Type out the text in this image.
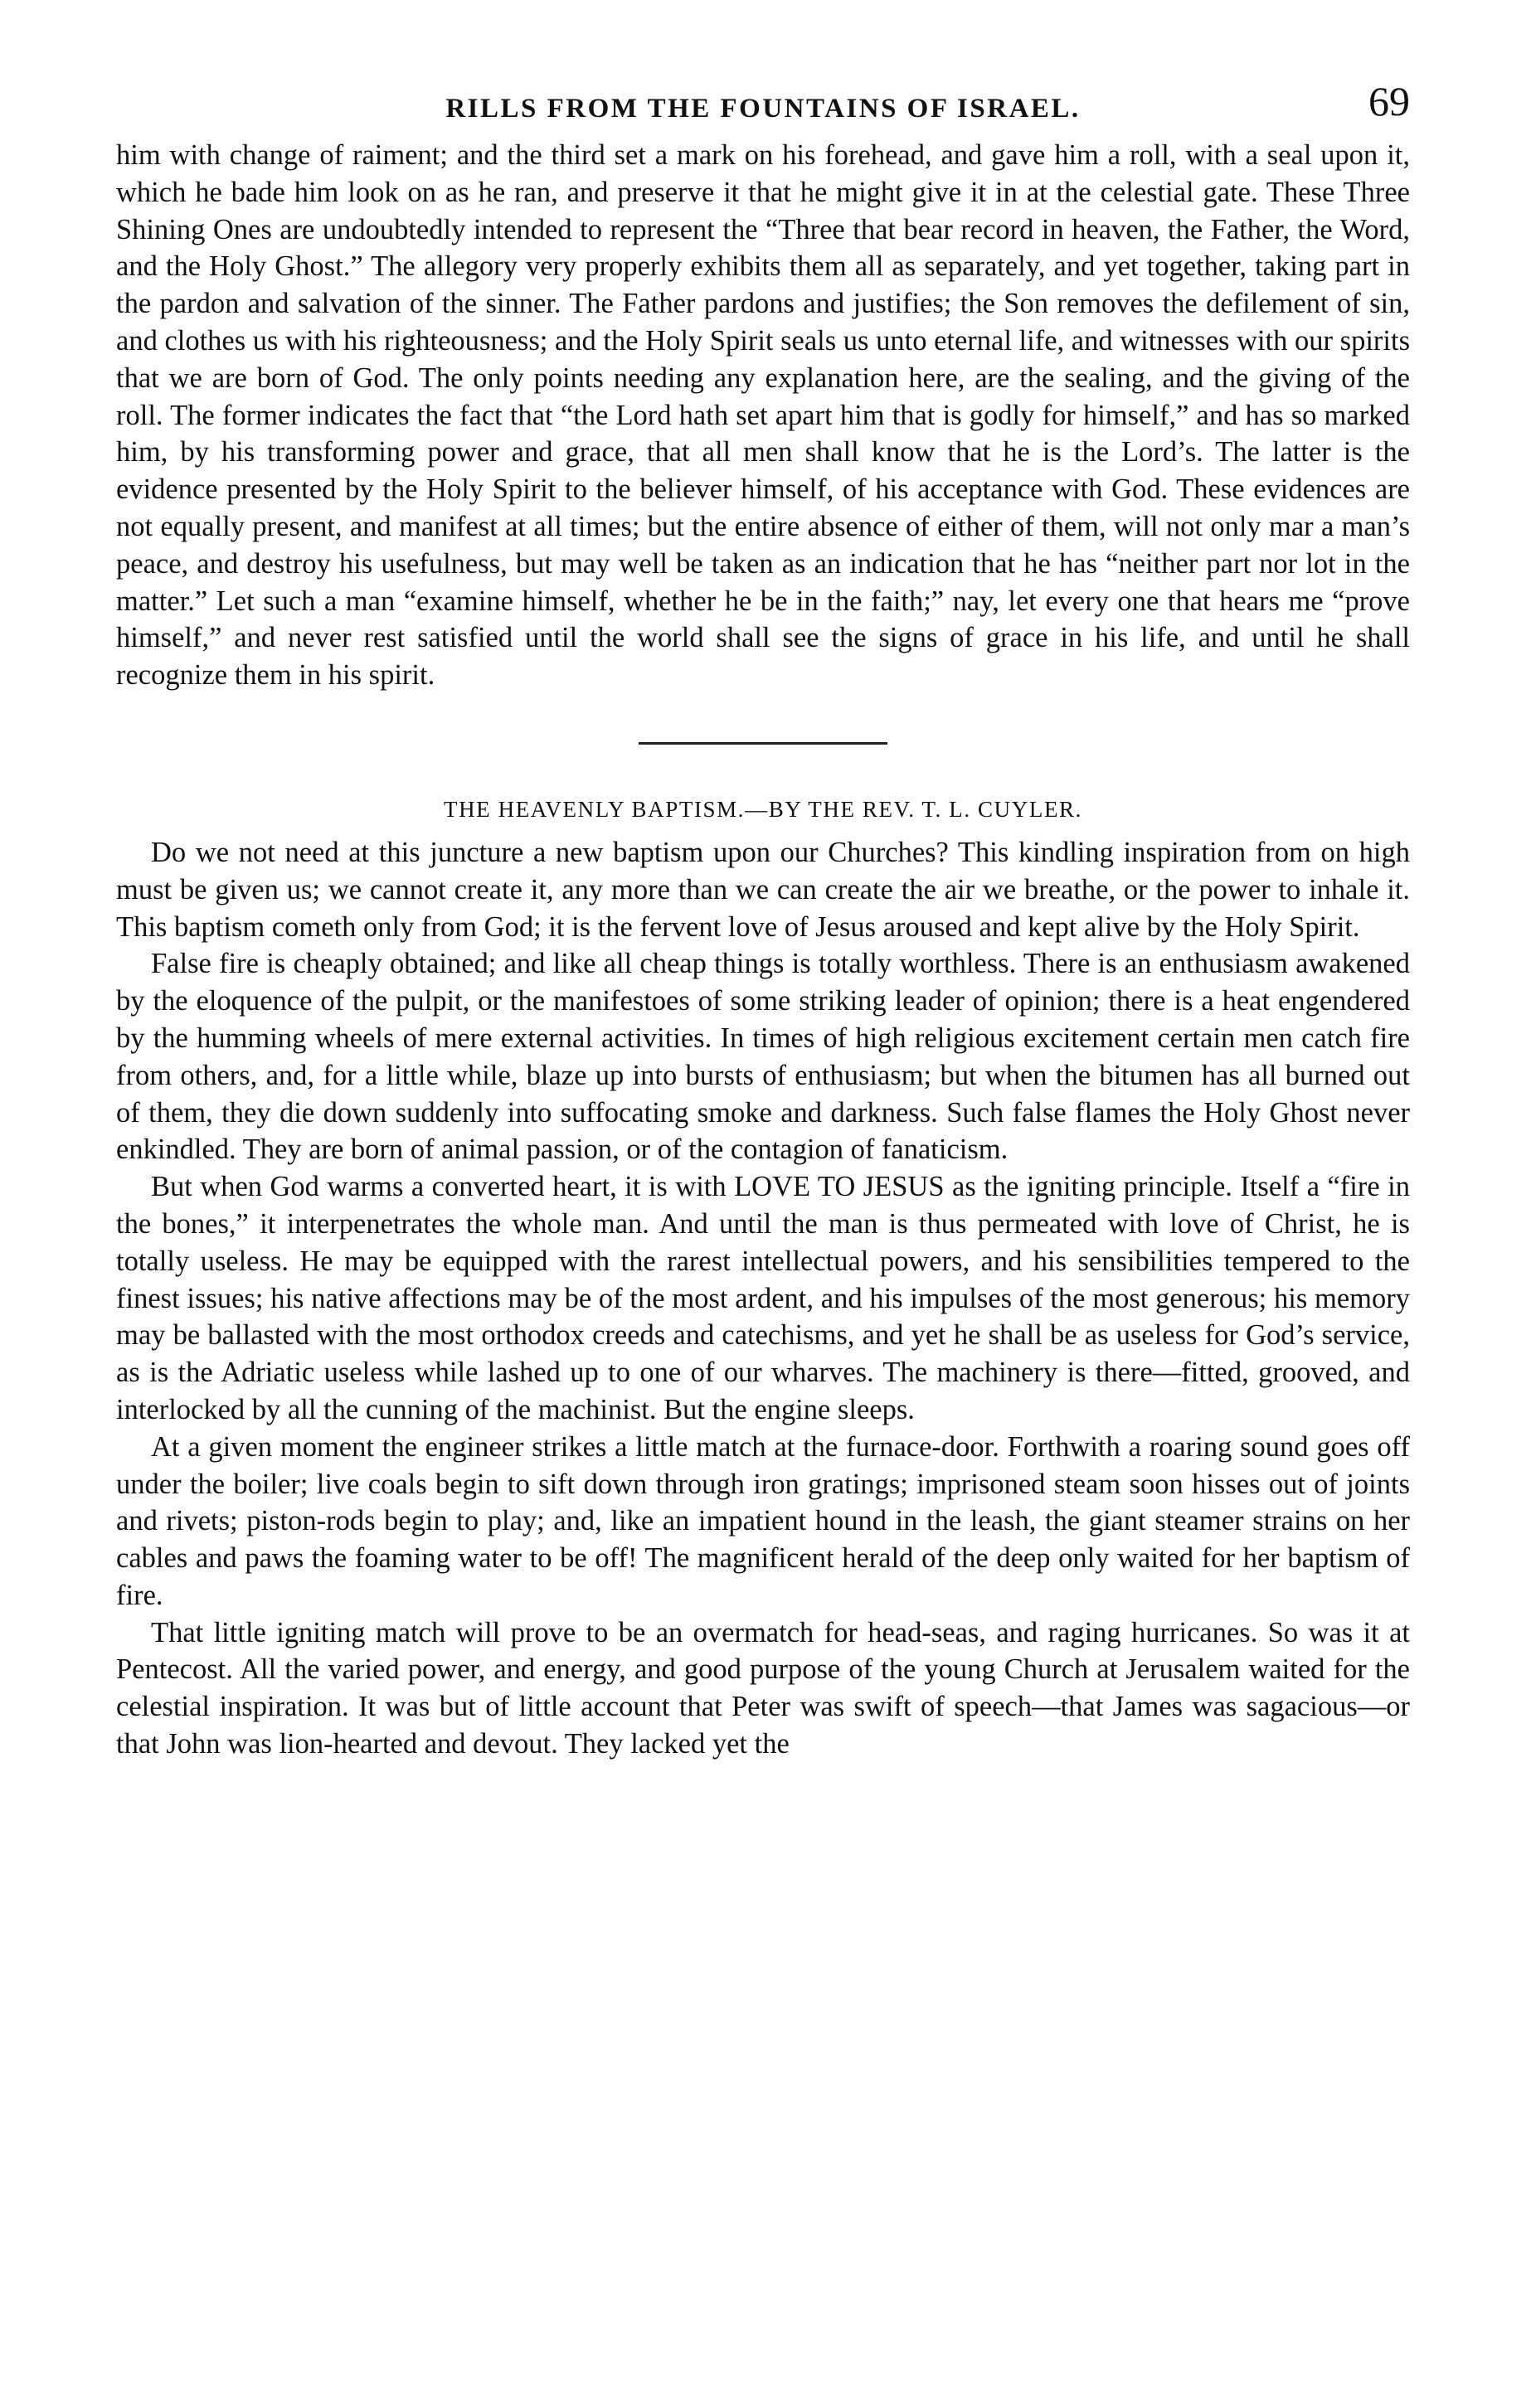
RILLS FROM THE FOUNTAINS OF ISRAEL.	69

him with change of raiment; and the third set a mark on his forehead, and gave him a roll, with a seal upon it, which he bade him look on as he ran, and preserve it that he might give it in at the celestial gate. These Three Shining Ones are undoubtedly intended to represent the “Three that bear record in heaven, the Father, the Word, and the Holy Ghost.” The allegory very properly exhibits them all as separately, and yet together, taking part in the pardon and salvation of the sinner. The Father pardons and justifies; the Son removes the defilement of sin, and clothes us with his righteousness; and the Holy Spirit seals us unto eternal life, and witnesses with our spirits that we are born of God. The only points needing any explanation here, are the sealing, and the giving of the roll. The former indicates the fact that “the Lord hath set apart him that is godly for himself,” and has so marked him, by his transforming power and grace, that all men shall know that he is the Lord’s. The latter is the evidence presented by the Holy Spirit to the believer himself, of his acceptance with God. These evidences are not equally present, and manifest at all times; but the entire absence of either of them, will not only mar a man’s peace, and destroy his usefulness, but may well be taken as an indication that he has “neither part nor lot in the matter.” Let such a man “examine himself, whether he be in the faith;” nay, let every one that hears me “prove himself,” and never rest satisfied until the world shall see the signs of grace in his life, and until he shall recognize them in his spirit.

THE HEAVENLY BAPTISM.—BY THE REV. T. L. CUYLER.

Do we not need at this juncture a new baptism upon our Churches? This kindling inspiration from on high must be given us; we cannot create it, any more than we can create the air we breathe, or the power to inhale it. This baptism cometh only from God; it is the fervent love of Jesus aroused and kept alive by the Holy Spirit.

False fire is cheaply obtained; and like all cheap things is totally worthless. There is an enthusiasm awakened by the eloquence of the pulpit, or the manifestoes of some striking leader of opinion; there is a heat engendered by the humming wheels of mere external activities. In times of high religious excitement certain men catch fire from others, and, for a little while, blaze up into bursts of enthusiasm; but when the bitumen has all burned out of them, they die down suddenly into suffocating smoke and darkness. Such false flames the Holy Ghost never enkindled. They are born of animal passion, or of the contagion of fanaticism.

But when God warms a converted heart, it is with LOVE TO JESUS as the igniting principle. Itself a “fire in the bones,” it interpenetrates the whole man. And until the man is thus permeated with love of Christ, he is totally useless. He may be equipped with the rarest intellectual powers, and his sensibilities tempered to the finest issues; his native affections may be of the most ardent, and his impulses of the most generous; his memory may be ballasted with the most orthodox creeds and catechisms, and yet he shall be as useless for God’s service, as is the Adriatic useless while lashed up to one of our wharves. The machinery is there—fitted, grooved, and interlocked by all the cunning of the machinist. But the engine sleeps.

At a given moment the engineer strikes a little match at the furnace-door. Forthwith a roaring sound goes off under the boiler; live coals begin to sift down through iron gratings; imprisoned steam soon hisses out of joints and rivets; piston-rods begin to play; and, like an impatient hound in the leash, the giant steamer strains on her cables and paws the foaming water to be off! The magnificent herald of the deep only waited for her baptism of fire.

That little igniting match will prove to be an overmatch for head-seas, and raging hurricanes. So was it at Pentecost. All the varied power, and energy, and good purpose of the young Church at Jerusalem waited for the celestial inspiration. It was but of little account that Peter was swift of speech—that James was sagacious—or that John was lion-hearted and devout. They lacked yet the
